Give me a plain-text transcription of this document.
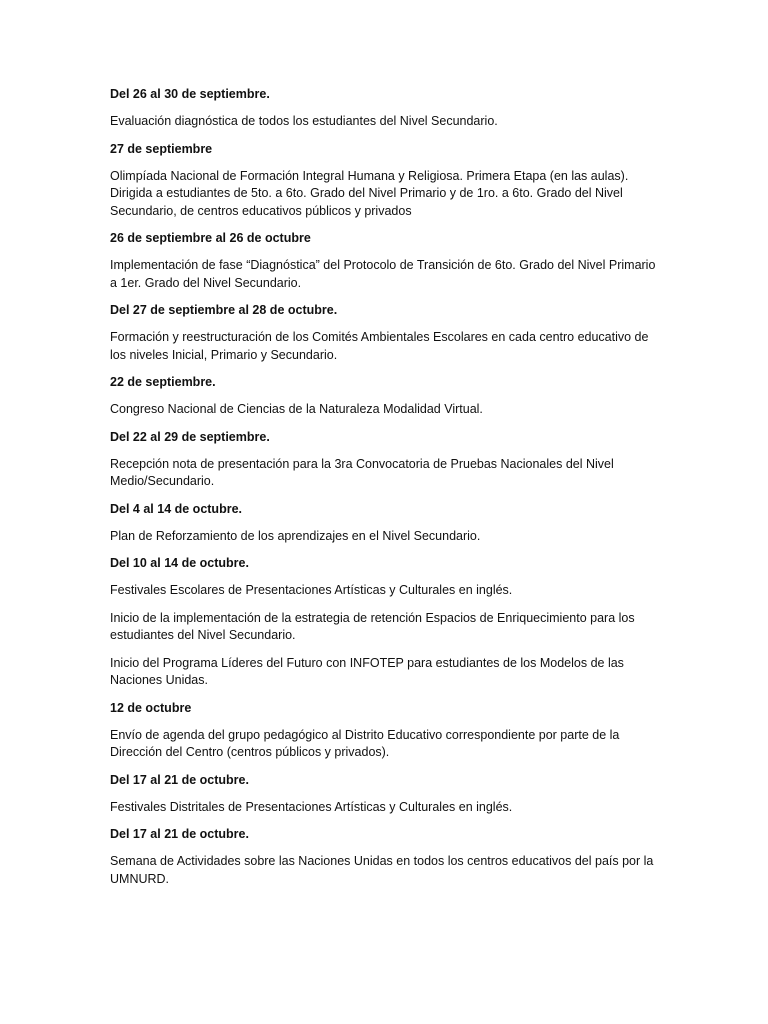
Del 26 al 30 de septiembre.

Evaluación diagnóstica de todos los estudiantes del Nivel Secundario.

27 de septiembre

Olimpíada Nacional de Formación Integral Humana y Religiosa. Primera Etapa (en las aulas). Dirigida a estudiantes de 5to. a 6to. Grado del Nivel Primario y de 1ro. a 6to. Grado del Nivel Secundario, de centros educativos públicos y privados

26 de septiembre al 26 de octubre

Implementación de fase “Diagnóstica” del Protocolo de Transición de 6to. Grado del Nivel Primario a 1er. Grado del Nivel Secundario.

Del 27 de septiembre al 28 de octubre.

Formación y reestructuración de los Comités Ambientales Escolares en cada centro educativo de los niveles Inicial, Primario y Secundario.

22 de septiembre.

Congreso Nacional de Ciencias de la Naturaleza Modalidad Virtual.

Del 22 al 29 de septiembre.

Recepción nota de presentación para la 3ra Convocatoria de Pruebas Nacionales del Nivel Medio/Secundario.

Del 4 al 14 de octubre.

Plan de Reforzamiento de los aprendizajes en el Nivel Secundario.

Del 10 al 14 de octubre.

Festivales Escolares de Presentaciones Artísticas y Culturales en inglés.

Inicio de la implementación de la estrategia de retención Espacios de Enriquecimiento para los estudiantes del Nivel Secundario.

Inicio del Programa Líderes del Futuro con INFOTEP para estudiantes de los Modelos de las Naciones Unidas.

12 de octubre

Envío de agenda del grupo pedagógico al Distrito Educativo correspondiente por parte de la Dirección del Centro (centros públicos y privados).

Del 17 al 21 de octubre.

Festivales Distritales de Presentaciones Artísticas y Culturales en inglés.

Del 17 al 21 de octubre.

Semana de Actividades sobre las Naciones Unidas en todos los centros educativos del país por la UMNURD.
